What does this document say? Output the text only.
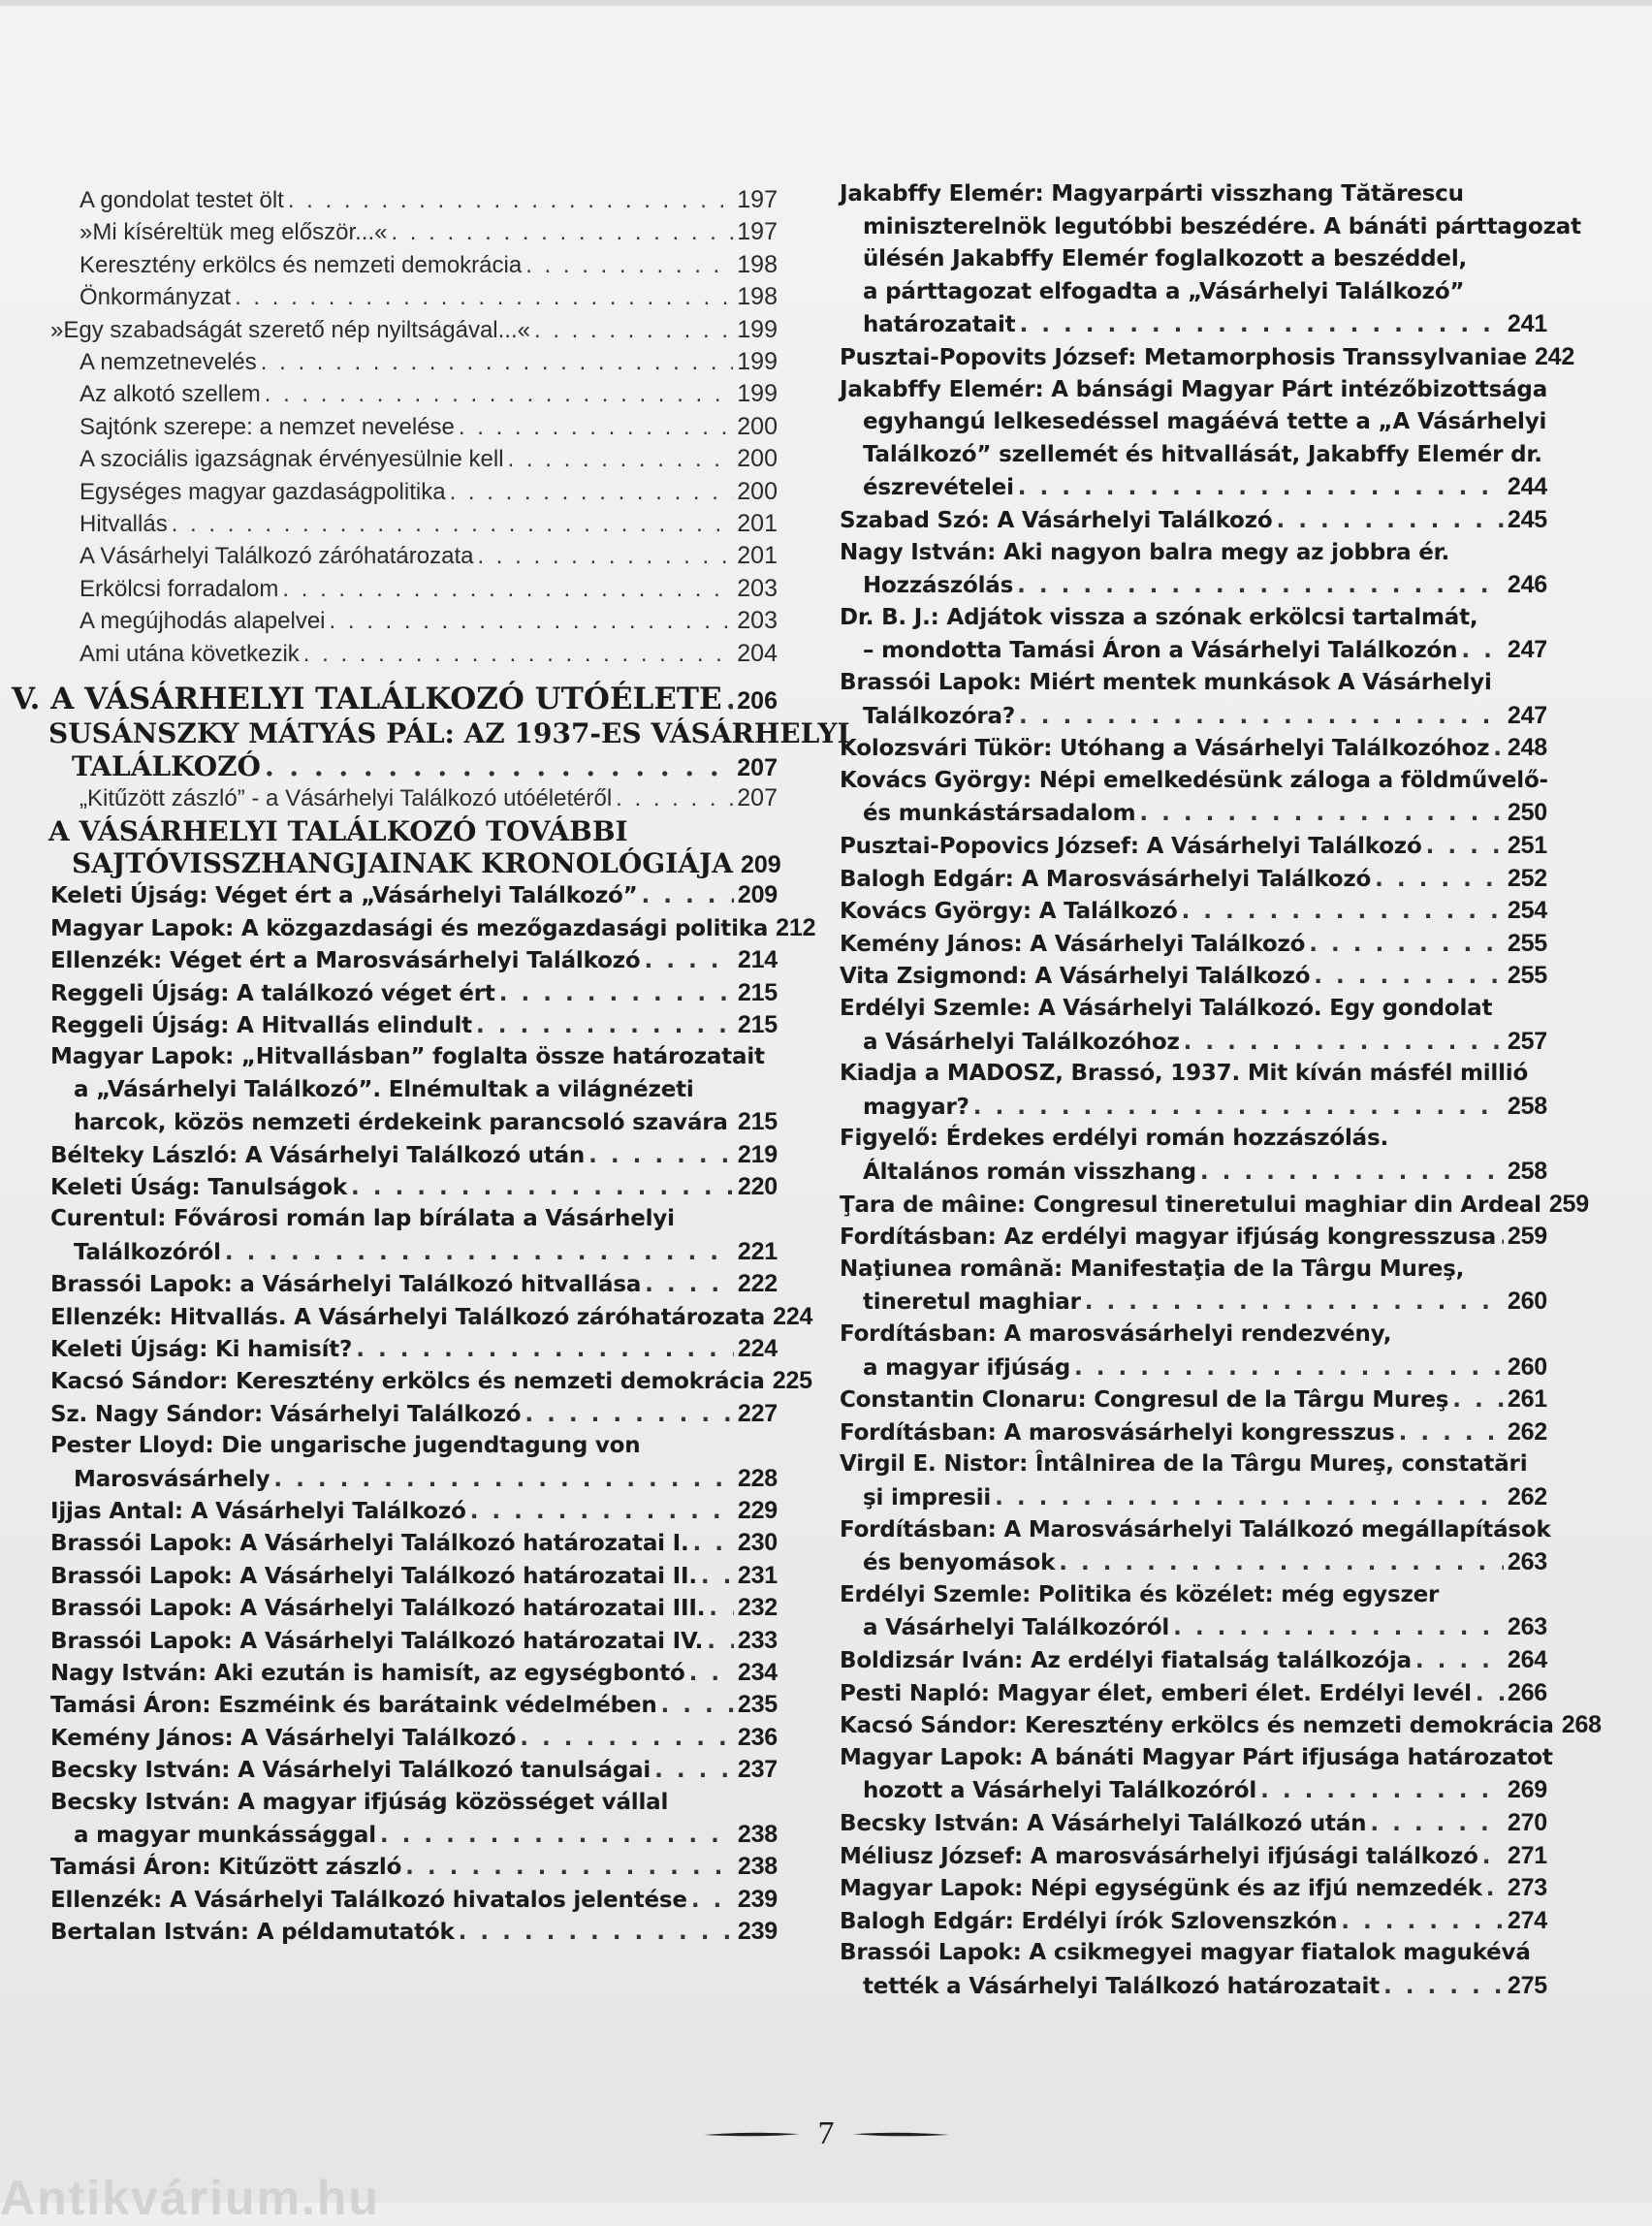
A gondolat testet ölt . . .	197
»Mi kíséreltük meg először...« . . .	197
Keresztény erkölcs és nemzeti demokrácia . . .	198
Önkormányzat . . .	198
»Egy szabadságát szerető nép nyiltságával...« . . .	199
A nemzetnevelés . . .	199
Az alkotó szellem . . .	199
Sajtónk szerepe: a nemzet nevelése . . .	200
A szociális igazságnak érvényesülnie kell . . .	200
Egységes magyar gazdaságpolitika . . .	200
Hitvallás . . .	201
A Vásárhelyi Találkozó záróhatározata . . .	201
Erkölcsi forradalom . . .	203
A megújhodás alapelvei . . .	203
Ami utána következik . . .	204
V. A VÁSÁRHELYI TALÁLKOZÓ UTÓÉLETE . . . 206
SUSÁNSZKY MÁTYÁS PÁL: AZ 1937-ES VÁSÁRHELYI
TALÁLKOZÓ . . .	207
„Kitűzött zászló” - a Vásárhelyi Találkozó utóéletéről . . .	207
A VÁSÁRHELYI TALÁLKOZÓ TOVÁBBI
SAJTÓVISSZHANGJAINAK KRONOLÓGIÁJA 209
Keleti Újság: Véget ért a „Vásárhelyi Találkozó” . . .	209
Magyar Lapok: A közgazdasági és mezőgazdasági politika 212
Ellenzék: Véget ért a Marosvásárhelyi Találkozó . . .	214
Reggeli Újság: A találkozó véget ért . . .	215
Reggeli Újság: A Hitvallás elindult . . .	215
Magyar Lapok: „Hitvallásban” foglalta össze határozatait
a „Vásárhelyi Találkozó”. Elnémultak a világnézeti
harcok, közös nemzeti érdekeink parancsoló szavára . . . 215
Bélteky László: A Vásárhelyi Találkozó után . . .	219
Keleti Úság: Tanulságok . . .	220
Curentul: Fővárosi román lap bírálata a Vásárhelyi
Találkozóról . . .	221
Brassói Lapok: a Vásárhelyi Találkozó hitvallása . . .	222
Ellenzék: Hitvallás. A Vásárhelyi Találkozó záróhatározata 224
Keleti Újság: Ki hamisít? . . .	224
Kacsó Sándor: Keresztény erkölcs és nemzeti demokrácia 225
Sz. Nagy Sándor: Vásárhelyi Találkozó . . .	227
Pester Lloyd: Die ungarische jugendtagung von
Marosvásárhely . . .	228
Ijjas Antal: A Vásárhelyi Találkozó . . .	229
Brassói Lapok: A Vásárhelyi Találkozó határozatai I. . . . 230
Brassói Lapok: A Vásárhelyi Találkozó határozatai II. . . . 231
Brassói Lapok: A Vásárhelyi Találkozó határozatai III. . . . 232
Brassói Lapok: A Vásárhelyi Találkozó határozatai IV. . . . 233
Nagy István: Aki ezután is hamisít, az egységbontó . . . 234
Tamási Áron: Eszméink és barátaink védelmében . . .	235
Kemény János: A Vásárhelyi Találkozó . . .	236
Becsky István: A Vásárhelyi Találkozó tanulságai . . .	237
Becsky István: A magyar ifjúság közösséget vállal
a magyar munkássággal . . .	238
Tamási Áron: Kitűzött zászló . . .	238
Ellenzék: A Vásárhelyi Találkozó hivatalos jelentése . . . 239
Bertalan István: A példamutatók . . .	239
Jakabffy Elemér: Magyarpárti visszhang Tătărescu
miniszterelnök legutóbbi beszédére. A bánáti párttagozat
ülésén Jakabffy Elemér foglalkozott a beszéddel,
a párttagozat elfogadta a „Vásárhelyi Találkozó”
határozatait . . .	241
Pusztai-Popovits József: Metamorphosis Transsylvaniae 242
Jakabffy Elemér: A bánsági Magyar Párt intézőbizottsága
egyhangú lelkesedéssel magáévá tette a „A Vásárhelyi
Találkozó” szellemét és hitvallását, Jakabffy Elemér dr.
észrevételei . . .	244
Szabad Szó: A Vásárhelyi Találkozó . . .	245
Nagy István: Aki nagyon balra megy az jobbra ér.
Hozzászólás . . .	246
Dr. B. J.: Adjátok vissza a szónak erkölcsi tartalmát,
– mondotta Tamási Áron a Vásárhelyi Találkozón . . . 247
Brassói Lapok: Miért mentek munkások A Vásárhelyi
Találkozóra? . . .	247
Kolozsvári Tükör: Utóhang a Vásárhelyi Találkozóhoz . . . 248
Kovács György: Népi emelkedésünk záloga a földművelő-
és munkástársadalom . . .	250
Pusztai-Popovics József: A Vásárhelyi Találkozó . . .	251
Balogh Edgár: A Marosvásárhelyi Találkozó . . .	252
Kovács György: A Találkozó . . .	254
Kemény János: A Vásárhelyi Találkozó . . .	255
Vita Zsigmond: A Vásárhelyi Találkozó . . .	255
Erdélyi Szemle: A Vásárhelyi Találkozó. Egy gondolat
a Vásárhelyi Találkozóhoz . . .	257
Kiadja a MADOSZ, Brassó, 1937. Mit kíván másfél millió
magyar? . . .	258
Figyelő: Érdekes erdélyi román hozzászólás.
Általános román visszhang . . .	258
Ţara de mâine: Congresul tineretului maghiar din Ardeal 259
Fordításban: Az erdélyi magyar ifjúság kongresszusa . . . 259
Naţiunea română: Manifestaţia de la Târgu Mureş,
tineretul maghiar . . .	260
Fordításban: A marosvásárhelyi rendezvény,
a magyar ifjúság . . .	260
Constantin Clonaru: Congresul de la Târgu Mureş . . . 261
Fordításban: A marosvásárhelyi kongresszus . . .	262
Virgil E. Nistor: Întâlnirea de la Târgu Mureş, constatări
şi impresii . . .	262
Fordításban: A Marosvásárhelyi Találkozó megállapítások
és benyomások . . .	263
Erdélyi Szemle: Politika és közélet: még egyszer
a Vásárhelyi Találkozóról . . .	263
Boldizsár Iván: Az erdélyi fiatalság találkozója . . .	264
Pesti Napló: Magyar élet, emberi élet. Erdélyi levél . . . 266
Kacsó Sándor: Keresztény erkölcs és nemzeti demokrácia 268
Magyar Lapok: A bánáti Magyar Párt ifjusága határozatot
hozott a Vásárhelyi Találkozóról . . .	269
Becsky István: A Vásárhelyi Találkozó után . . .	270
Méliusz József: A marosvásárhelyi ifjúsági találkozó . . . 271
Magyar Lapok: Népi egységünk és az ifjú nemzedék . . . 273
Balogh Edgár: Erdélyi írók Szlovenszkón . . .	274
Brassói Lapok: A csikmegyei magyar fiatalok magukévá
tették a Vásárhelyi Találkozó határozatait . . .	275
7
Antikvárium.hu
